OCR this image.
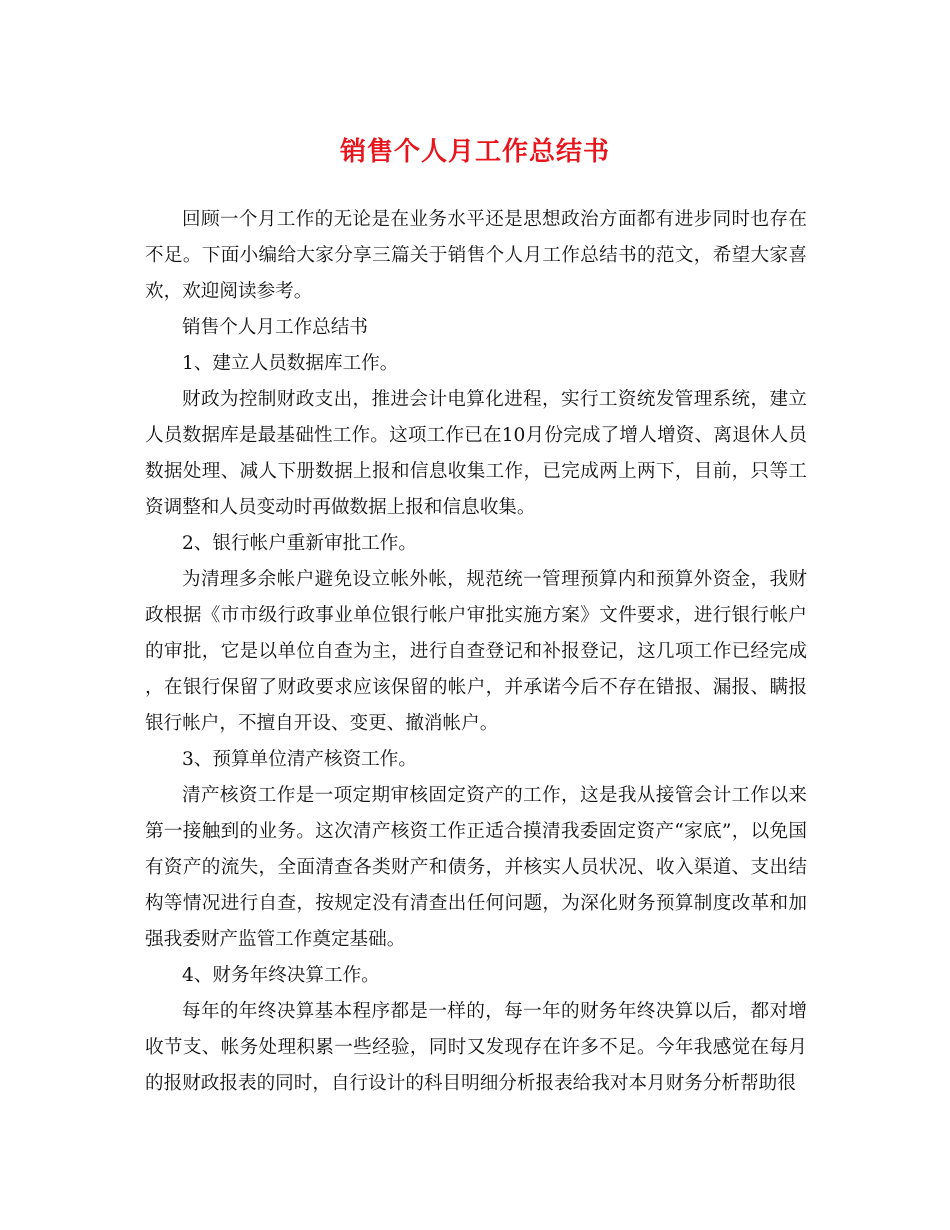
销售个人月工作总结书

回顾一个月工作的无论是在业务水平还是思想政治方面都有进步同时也存在不足。下面小编给大家分享三篇关于销售个人月工作总结书的范文，希望大家喜欢，欢迎阅读参考。

销售个人月工作总结书

1、建立人员数据库工作。

财政为控制财政支出，推进会计电算化进程，实行工资统发管理系统，建立人员数据库是最基础性工作。这项工作已在10月份完成了增人增资、离退休人员数据处理、减人下册数据上报和信息收集工作，已完成两上两下，目前，只等工资调整和人员变动时再做数据上报和信息收集。

2、银行帐户重新审批工作。

为清理多余帐户避免设立帐外帐，规范统一管理预算内和预算外资金，我财政根据《市市级行政事业单位银行帐户审批实施方案》文件要求，进行银行帐户的审批，它是以单位自查为主，进行自查登记和补报登记，这几项工作已经完成，在银行保留了财政要求应该保留的帐户，并承诺今后不存在错报、漏报、瞒报银行帐户，不擅自开设、变更、撤消帐户。

3、预算单位清产核资工作。

清产核资工作是一项定期审核固定资产的工作，这是我从接管会计工作以来第一接触到的业务。这次清产核资工作正适合摸清我委固定资产“家底”，以免国有资产的流失，全面清查各类财产和债务，并核实人员状况、收入渠道、支出结构等情况进行自查，按规定没有清查出任何问题，为深化财务预算制度改革和加强我委财产监管工作奠定基础。

4、财务年终决算工作。

每年的年终决算基本程序都是一样的，每一年的财务年终决算以后，都对增收节支、帐务处理积累一些经验，同时又发现存在许多不足。今年我感觉在每月的报财政报表的同时，自行设计的科目明细分析报表给我对本月财务分析帮助很
